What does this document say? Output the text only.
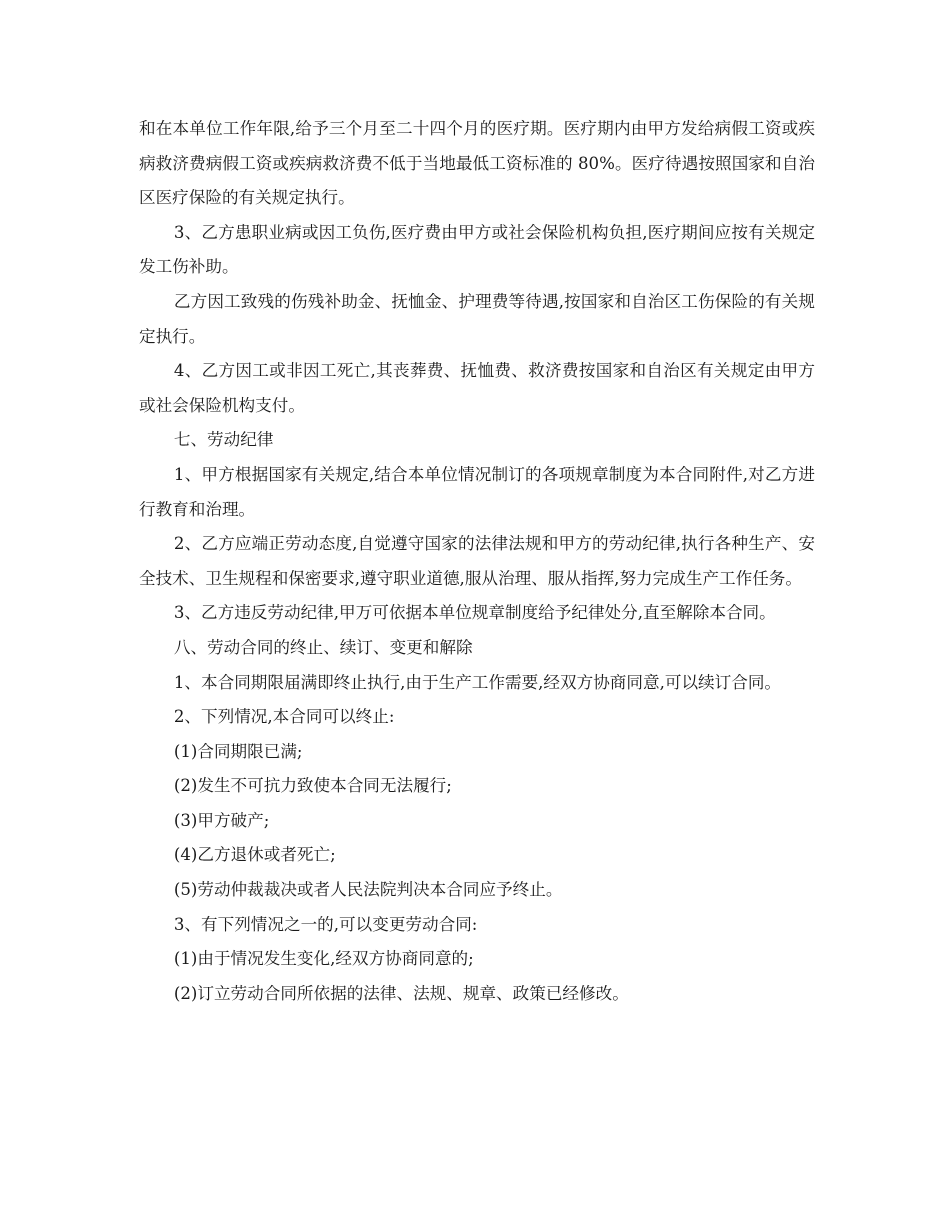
和在本单位工作年限,给予三个月至二十四个月的医疗期。医疗期内由甲方发给病假工资或疾病救济费病假工资或疾病救济费不低于当地最低工资标准的 80%。医疗待遇按照国家和自治区医疗保险的有关规定执行。

3、乙方患职业病或因工负伤,医疗费由甲方或社会保险机构负担,医疗期间应按有关规定发工伤补助。

乙方因工致残的伤残补助金、抚恤金、护理费等待遇,按国家和自治区工伤保险的有关规定执行。

4、乙方因工或非因工死亡,其丧葬费、抚恤费、救济费按国家和自治区有关规定由甲方或社会保险机构支付。

七、劳动纪律

1、甲方根据国家有关规定,结合本单位情况制订的各项规章制度为本合同附件,对乙方进行教育和治理。

2、乙方应端正劳动态度,自觉遵守国家的法律法规和甲方的劳动纪律,执行各种生产、安全技术、卫生规程和保密要求,遵守职业道德,服从治理、服从指挥,努力完成生产工作任务。

3、乙方违反劳动纪律,甲万可依据本单位规章制度给予纪律处分,直至解除本合同。

八、劳动合同的终止、续订、变更和解除

1、本合同期限届满即终止执行,由于生产工作需要,经双方协商同意,可以续订合同。

2、下列情况,本合同可以终止:

(1)合同期限已满;

(2)发生不可抗力致使本合同无法履行;

(3)甲方破产;

(4)乙方退休或者死亡;

(5)劳动仲裁裁决或者人民法院判决本合同应予终止。

3、有下列情况之一的,可以变更劳动合同:

(1)由于情况发生变化,经双方协商同意的;

(2)订立劳动合同所依据的法律、法规、规章、政策已经修改。
